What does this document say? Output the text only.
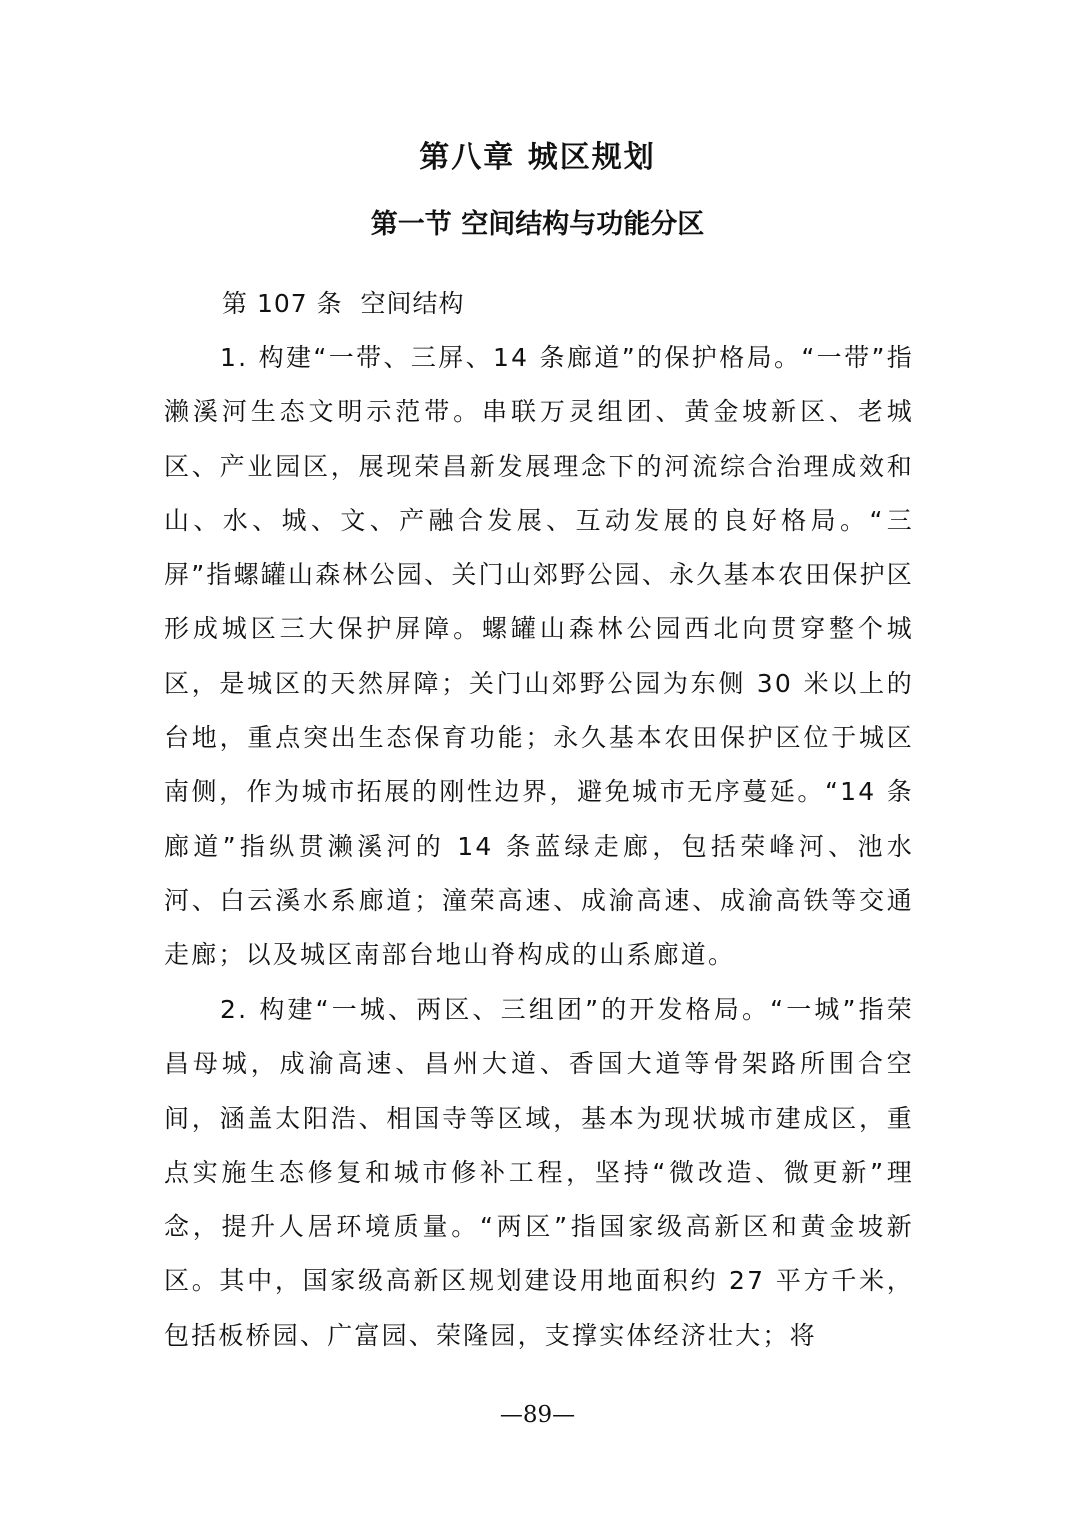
第八章 城区规划
第一节 空间结构与功能分区
第 107 条  空间结构

1. 构建“一带、三屏、14 条廊道”的保护格局。“一带”指濑溪河生态文明示范带。串联万灵组团、黄金坡新区、老城区、产业园区，展现荣昌新发展理念下的河流综合治理成效和山、水、城、文、产融合发展、互动发展的良好格局。“三屏”指螺罐山森林公园、关门山郊野公园、永久基本农田保护区形成城区三大保护屏障。螺罐山森林公园西北向贯穿整个城区，是城区的天然屏障；关门山郊野公园为东侧 30 米以上的台地，重点突出生态保育功能；永久基本农田保护区位于城区南侧，作为城市拓展的刚性边界，避免城市无序蔓延。“14 条廊道”指纵贯濑溪河的 14 条蓝绿走廊，包括荣峰河、池水河、白云溪水系廊道；潼荣高速、成渝高速、成渝高铁等交通走廊；以及城区南部台地山脊构成的山系廊道。

2. 构建“一城、两区、三组团”的开发格局。“一城”指荣昌母城，成渝高速、昌州大道、香国大道等骨架路所围合空间，涵盖太阳浩、相国寺等区域，基本为现状城市建成区，重点实施生态修复和城市修补工程，坚持“微改造、微更新”理念，提升人居环境质量。“两区”指国家级高新区和黄金坡新区。其中，国家级高新区规划建设用地面积约 27 平方千米，包括板桥园、广富园、荣隆园，支撑实体经济壮大；将

—89—
